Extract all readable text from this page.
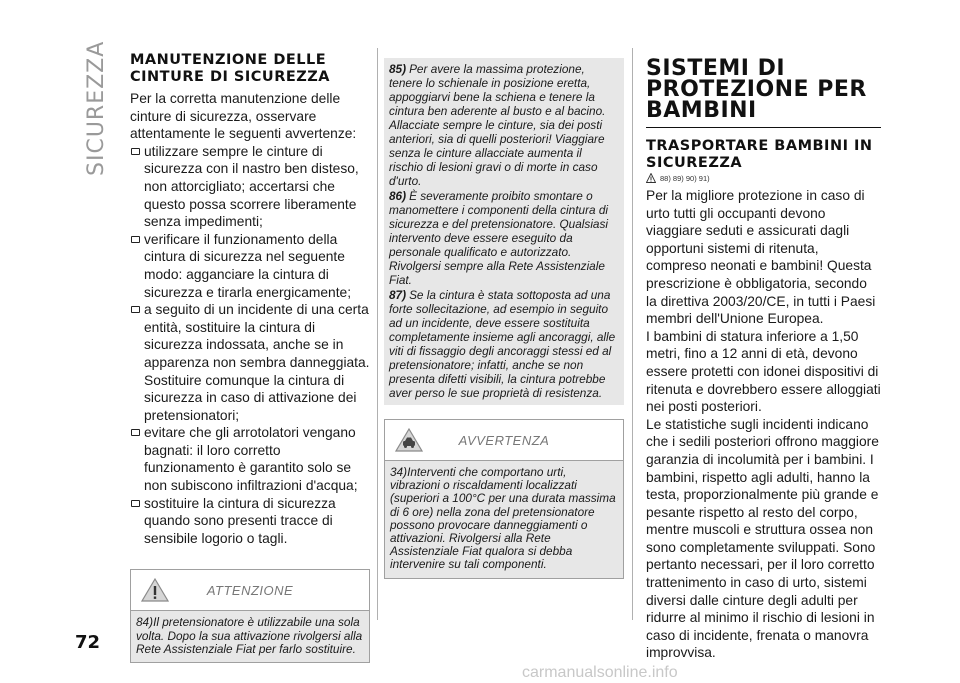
SICUREZZA
72
MANUTENZIONE DELLE CINTURE DI SICUREZZA

Per la corretta manutenzione delle cinture di sicurezza, osservare attentamente le seguenti avvertenze:

utilizzare sempre le cinture di sicurezza con il nastro ben disteso, non attorcigliato; accertarsi che questo possa scorrere liberamente senza impedimenti;

verificare il funzionamento della cintura di sicurezza nel seguente modo: agganciare la cintura di sicurezza e tirarla energicamente;

a seguito di un incidente di una certa entità, sostituire la cintura di sicurezza indossata, anche se in apparenza non sembra danneggiata. Sostituire comunque la cintura di sicurezza in caso di attivazione dei pretensionatori;

evitare che gli arrotolatori vengano bagnati: il loro corretto funzionamento è garantito solo se non subiscono infiltrazioni d'acqua;

sostituire la cintura di sicurezza quando sono presenti tracce di sensibile logorio o tagli.

ATTENZIONE
84)Il pretensionatore è utilizzabile una sola volta. Dopo la sua attivazione rivolgersi alla Rete Assistenziale Fiat per farlo sostituire.
85) Per avere la massima protezione, tenere lo schienale in posizione eretta, appoggiarvi bene la schiena e tenere la cintura ben aderente al busto e al bacino. Allacciate sempre le cinture, sia dei posti anteriori, sia di quelli posteriori! Viaggiare senza le cinture allacciate aumenta il rischio di lesioni gravi o di morte in caso d'urto.
86) È severamente proibito smontare o manomettere i componenti della cintura di sicurezza e del pretensionatore. Qualsiasi intervento deve essere eseguito da personale qualificato e autorizzato. Rivolgersi sempre alla Rete Assistenziale Fiat.
87) Se la cintura è stata sottoposta ad una forte sollecitazione, ad esempio in seguito ad un incidente, deve essere sostituita completamente insieme agli ancoraggi, alle viti di fissaggio degli ancoraggi stessi ed al pretensionatore; infatti, anche se non presenta difetti visibili, la cintura potrebbe aver perso le sue proprietà di resistenza.
AVVERTENZA
34)Interventi che comportano urti, vibrazioni o riscaldamenti localizzati (superiori a 100°C per una durata massima di 6 ore) nella zona del pretensionatore possono provocare danneggiamenti o attivazioni. Rivolgersi alla Rete Assistenziale Fiat qualora si debba intervenire su tali componenti.
SISTEMI DI PROTEZIONE PER BAMBINI
TRASPORTARE BAMBINI IN SICUREZZA
88) 89) 90) 91)

Per la migliore protezione in caso di urto tutti gli occupanti devono viaggiare seduti e assicurati dagli opportuni sistemi di ritenuta, compreso neonati e bambini! Questa prescrizione è obbligatoria, secondo la direttiva 2003/20/CE, in tutti i Paesi membri dell'Unione Europea.

I bambini di statura inferiore a 1,50 metri, fino a 12 anni di età, devono essere protetti con idonei dispositivi di ritenuta e dovrebbero essere alloggiati nei posti posteriori.

Le statistiche sugli incidenti indicano che i sedili posteriori offrono maggiore garanzia di incolumità per i bambini. I bambini, rispetto agli adulti, hanno la testa, proporzionalmente più grande e pesante rispetto al resto del corpo, mentre muscoli e struttura ossea non sono completamente sviluppati. Sono pertanto necessari, per il loro corretto trattenimento in caso di urto, sistemi diversi dalle cinture degli adulti per ridurre al minimo il rischio di lesioni in caso di incidente, frenata o manovra improvvisa.

carmanualsonline.info
